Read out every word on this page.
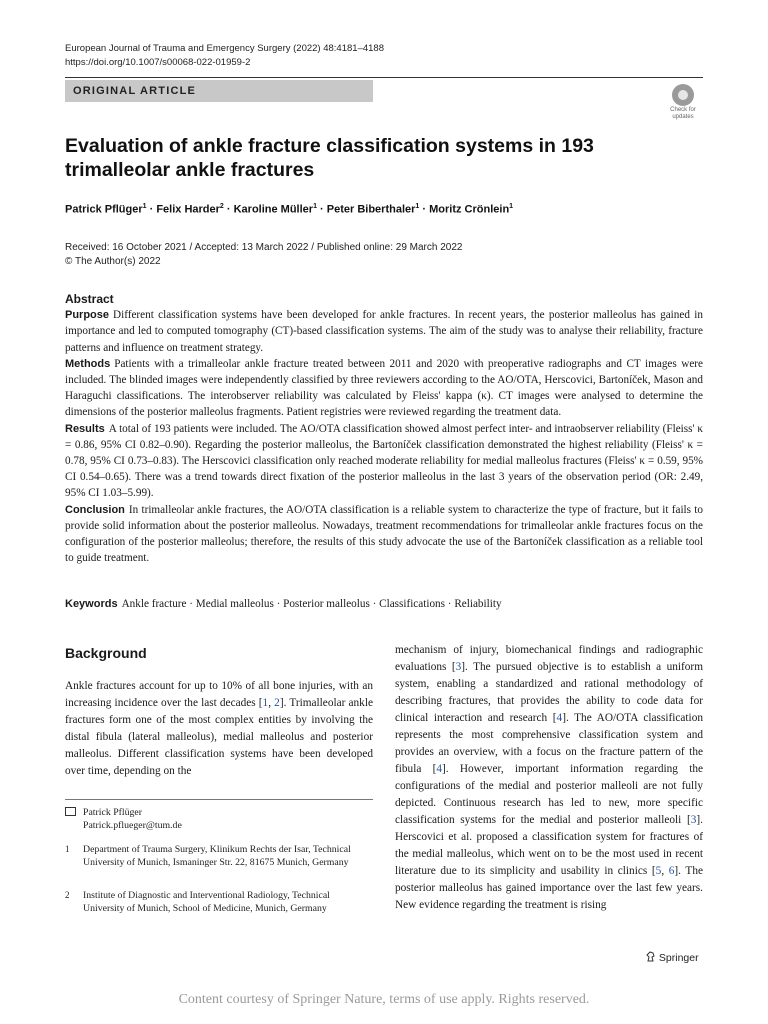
European Journal of Trauma and Emergency Surgery (2022) 48:4181–4188
https://doi.org/10.1007/s00068-022-01959-2
ORIGINAL ARTICLE
Check for updates
Evaluation of ankle fracture classification systems in 193 trimalleolar ankle fractures
Patrick Pflüger$^1$ · Felix Harder$^2$ · Karoline Müller$^1$ · Peter Biberthaler$^1$ · Moritz Crönlein$^1$
Received: 16 October 2021 / Accepted: 13 March 2022 / Published online: 29 March 2022
© The Author(s) 2022
Abstract

Purpose Different classification systems have been developed for ankle fractures. In recent years, the posterior malleolus has gained in importance and led to computed tomography (CT)-based classification systems. The aim of the study was to analyse their reliability, fracture patterns and influence on treatment strategy.

Methods Patients with a trimalleolar ankle fracture treated between 2011 and 2020 with preoperative radiographs and CT images were included. The blinded images were independently classified by three reviewers according to the AO/OTA, Herscovici, Bartoníček, Mason and Haraguchi classifications. The interobserver reliability was calculated by Fleiss' kappa (κ). CT images were analysed to determine the dimensions of the posterior malleolus fragments. Patient registries were reviewed regarding the treatment data.

Results A total of 193 patients were included. The AO/OTA classification showed almost perfect inter- and intraobserver reliability (Fleiss' κ = 0.86, 95% CI 0.82–0.90). Regarding the posterior malleolus, the Bartoníček classification demonstrated the highest reliability (Fleiss' κ = 0.78, 95% CI 0.73–0.83). The Herscovici classification only reached moderate reliability for medial malleolus fractures (Fleiss' κ = 0.59, 95% CI 0.54–0.65). There was a trend towards direct fixation of the posterior malleolus in the last 3 years of the observation period (OR: 2.49, 95% CI 1.03–5.99).

Conclusion In trimalleolar ankle fractures, the AO/OTA classification is a reliable system to characterize the type of fracture, but it fails to provide solid information about the posterior malleolus. Nowadays, treatment recommendations for trimalleolar ankle fractures focus on the configuration of the posterior malleolus; therefore, the results of this study advocate the use of the Bartoníček classification as a reliable tool to guide treatment.

Keywords Ankle fracture · Medial malleolus · Posterior malleolus · Classifications · Reliability
Background

Ankle fractures account for up to 10% of all bone injuries, with an increasing incidence over the last decades [1, 2]. Trimalleolar ankle fractures form one of the most complex entities by involving the distal fibula (lateral malleolus), medial malleolus and posterior malleolus. Different classification systems have been developed over time, depending on the

Patrick Pflüger
Patrick.pflueger@tum.de
1 Department of Trauma Surgery, Klinikum Rechts der Isar, Technical University of Munich, Ismaninger Str. 22, 81675 Munich, Germany
2 Institute of Diagnostic and Interventional Radiology, Technical University of Munich, School of Medicine, Munich, Germany

mechanism of injury, biomechanical findings and radiographic evaluations [3]. The pursued objective is to establish a uniform system, enabling a standardized and rational methodology of describing fractures, that provides the ability to code data for clinical interaction and research [4]. The AO/OTA classification represents the most comprehensive classification system and provides an overview, with a focus on the fracture pattern of the fibula [4]. However, important information regarding the configurations of the medial and posterior malleoli are not fully depicted. Continuous research has led to new, more specific classification systems for the medial and posterior malleoli [3]. Herscovici et al. proposed a classification system for fractures of the medial malleolus, which went on to be the most used in recent literature due to its simplicity and usability in clinics [5, 6]. The posterior malleolus has gained importance over the last few years. New evidence regarding the treatment is rising

Springer
Content courtesy of Springer Nature, terms of use apply. Rights reserved.
